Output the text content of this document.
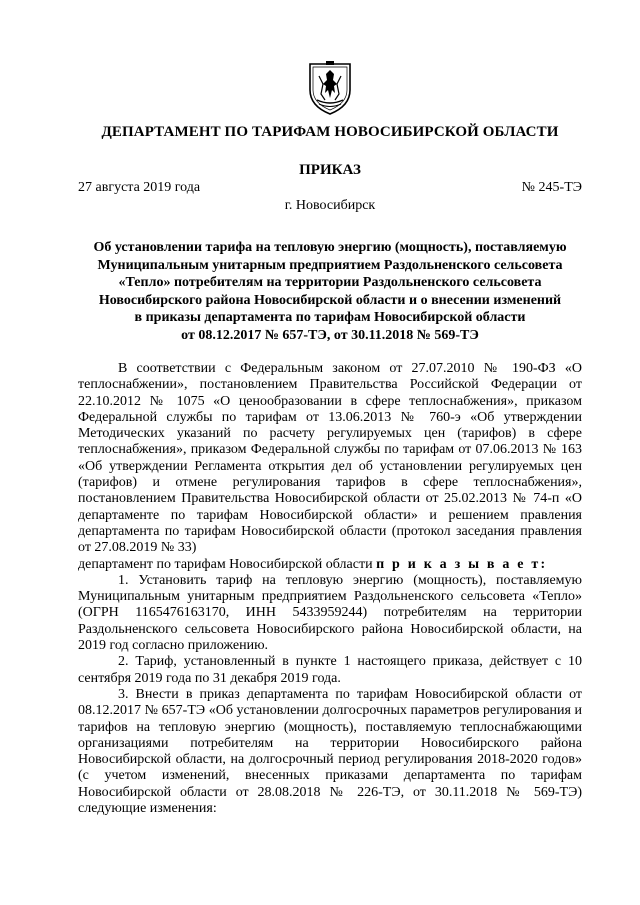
ДЕПАРТАМЕНТ ПО ТАРИФАМ НОВОСИБИРСКОЙ ОБЛАСТИ
ПРИКАЗ
27 августа 2019 года	№ 245-ТЭ
г. Новосибирск
Об установлении тарифа на тепловую энергию (мощность), поставляемую
Муниципальным унитарным предприятием Раздольненского сельсовета
«Тепло» потребителям на территории Раздольненского сельсовета
Новосибирского района Новосибирской области и о внесении изменений
в приказы департамента по тарифам Новосибирской области
от 08.12.2017 № 657-ТЭ, от 30.11.2018 № 569-ТЭ

В соответствии с Федеральным законом от 27.07.2010 № 190-ФЗ «О теплоснабжении», постановлением Правительства Российской Федерации от 22.10.2012 № 1075 «О ценообразовании в сфере теплоснабжения», приказом Федеральной службы по тарифам от 13.06.2013 № 760-э «Об утверждении Методических указаний по расчету регулируемых цен (тарифов) в сфере теплоснабжения», приказом Федеральной службы по тарифам от 07.06.2013 № 163 «Об утверждении Регламента открытия дел об установлении регулируемых цен (тарифов) и отмене регулирования тарифов в сфере теплоснабжения», постановлением Правительства Новосибирской области от 25.02.2013 № 74-п «О департаменте по тарифам Новосибирской области» и решением правления департамента по тарифам Новосибирской области (протокол заседания правления от 27.08.2019 № 33)

департамент по тарифам Новосибирской области п р и к а з ы в а е т:

1. Установить тариф на тепловую энергию (мощность), поставляемую Муниципальным унитарным предприятием Раздольненского сельсовета «Тепло» (ОГРН 1165476163170, ИНН 5433959244) потребителям на территории Раздольненского сельсовета Новосибирского района Новосибирской области, на 2019 год согласно приложению.

2. Тариф, установленный в пункте 1 настоящего приказа, действует с 10 сентября 2019 года по 31 декабря 2019 года.

3. Внести в приказ департамента по тарифам Новосибирской области от 08.12.2017 № 657-ТЭ «Об установлении долгосрочных параметров регулирования и тарифов на тепловую энергию (мощность), поставляемую теплоснабжающими организациями потребителям на территории Новосибирского района Новосибирской области, на долгосрочный период регулирования 2018-2020 годов» (с учетом изменений, внесенных приказами департамента по тарифам Новосибирской области от 28.08.2018 № 226-ТЭ, от 30.11.2018 № 569-ТЭ) следующие изменения:
